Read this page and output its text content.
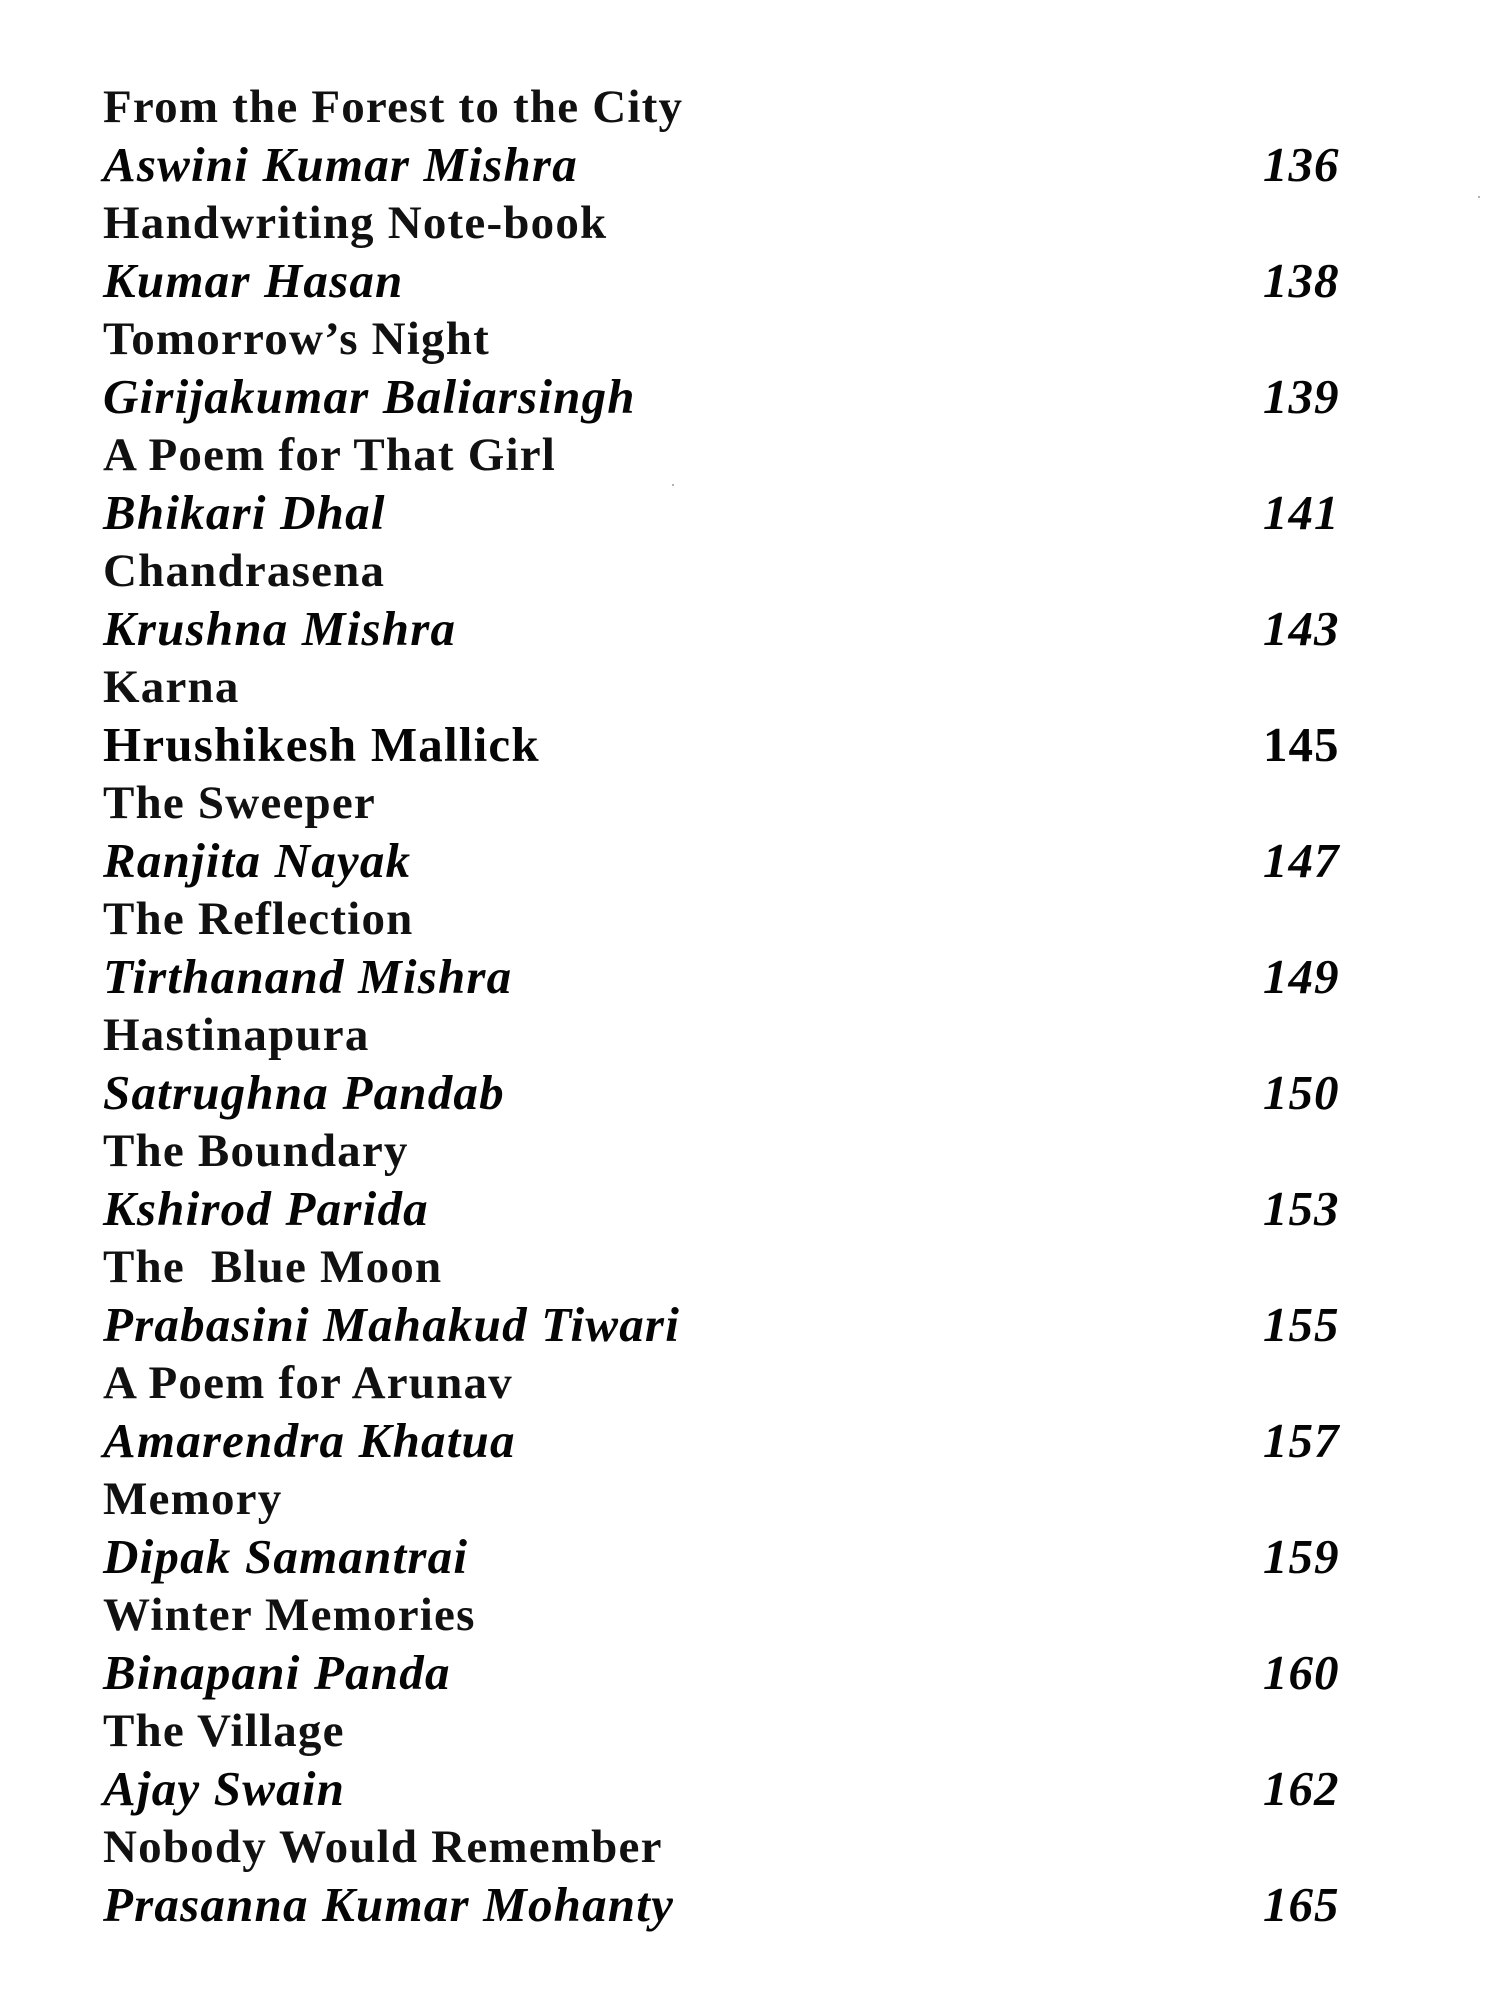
From the Forest to the City
Aswini Kumar Mishra	136
Handwriting Note-book
Kumar Hasan	138
Tomorrow’s Night
Girijakumar Baliarsingh	139
A Poem for That Girl
Bhikari Dhal	141
Chandrasena
Krushna Mishra	143
Karna
Hrushikesh Mallick	145
The Sweeper
Ranjita Nayak	147
The Reflection
Tirthanand Mishra	149
Hastinapura
Satrughna Pandab	150
The Boundary
Kshirod Parida	153
The  Blue Moon
Prabasini Mahakud Tiwari	155
A Poem for Arunav
Amarendra Khatua	157
Memory
Dipak Samantrai	159
Winter Memories
Binapani Panda	160
The Village
Ajay Swain	162
Nobody Would Remember
Prasanna Kumar Mohanty	165
